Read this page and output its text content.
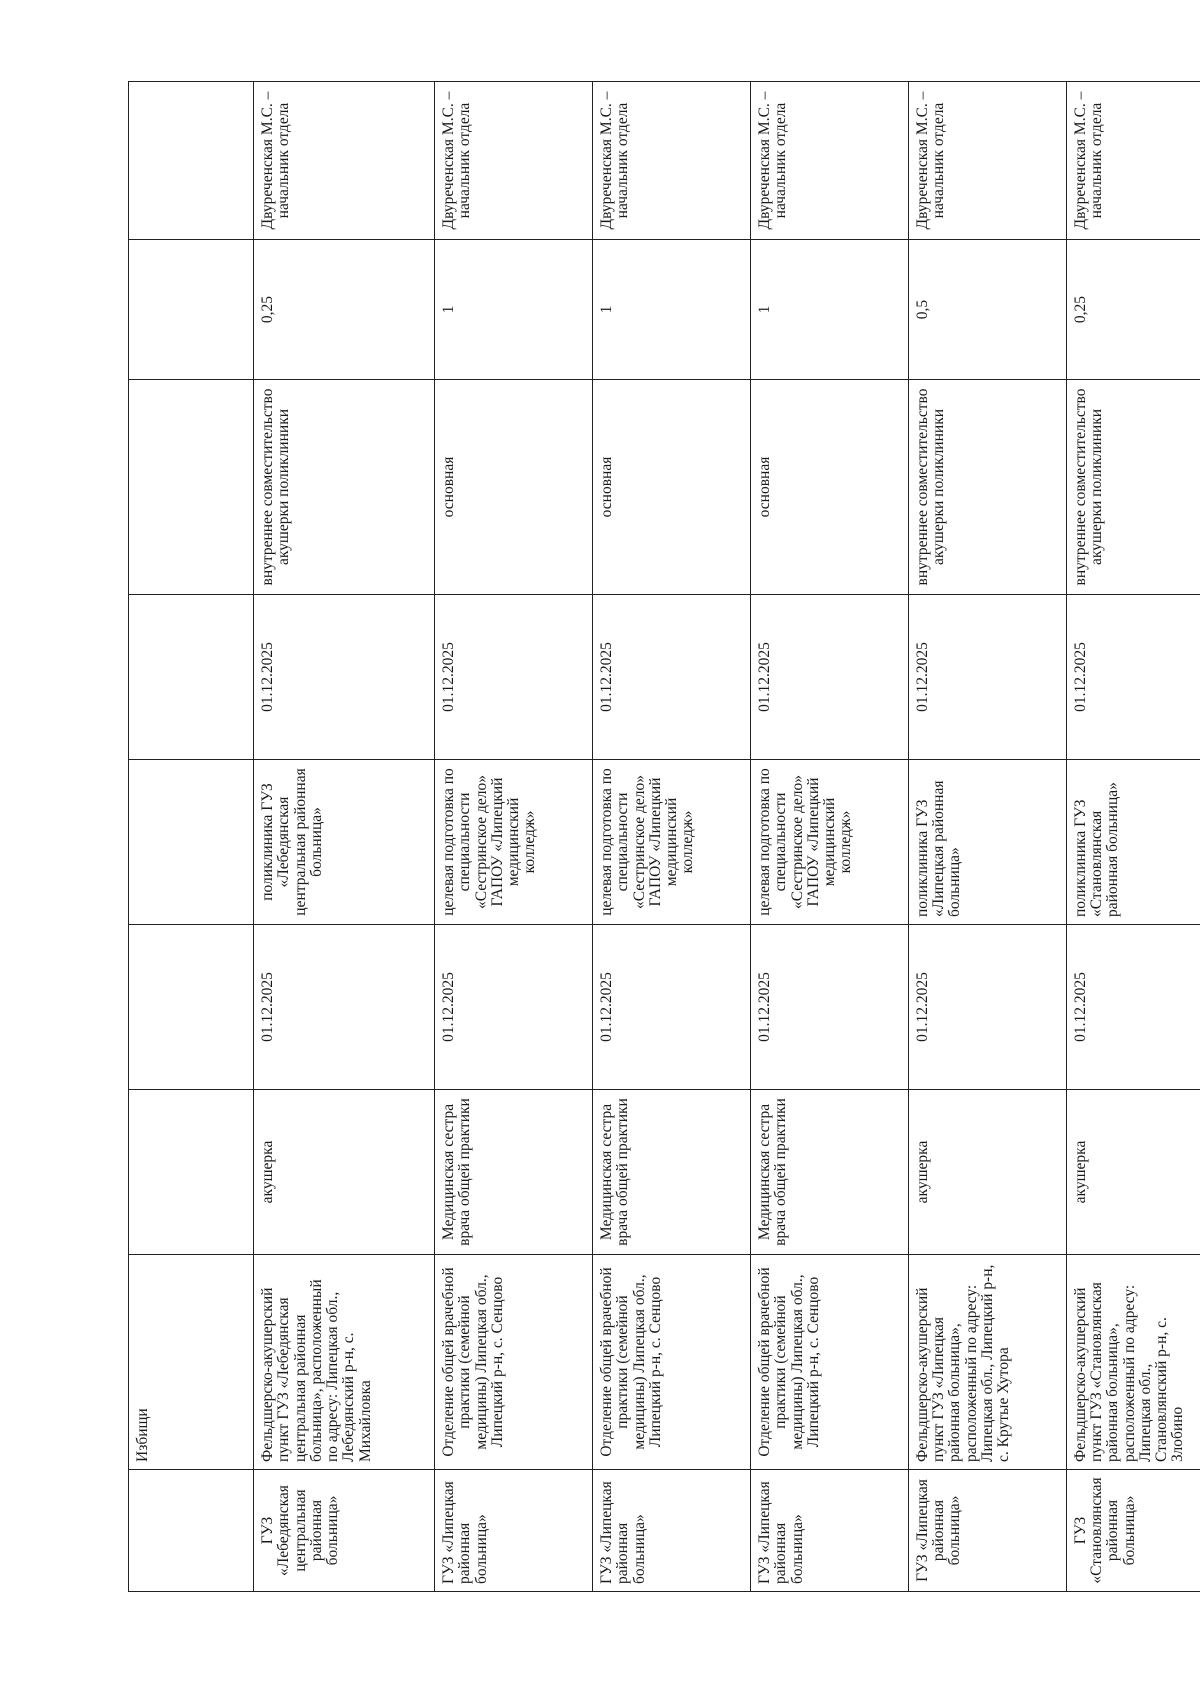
	Избищи							
ГУЗ «Лебедянская центральная районная больница»	Фельдшерско-акушерский пункт ГУЗ «Лебедянская центральная районная больница», расположенный по адресу: Липецкая обл., Лебедянский р-н, с. Михайловка	акушерка	01.12.2025	поликлиника ГУЗ «Лебедянская центральная районная больница»	01.12.2025	внутреннее совместительство акушерки поликлиники	0,25	Двуреченская М.С. – начальник отдела
ГУЗ «Липецкая районная больница»	Отделение общей врачебной практики (семейной медицины) Липецкая обл., Липецкий р-н, с. Сенцово	Медицинская сестра врача общей практики	01.12.2025	целевая подготовка по специальности «Сестринское дело» ГАПОУ «Липецкий медицинский колледж»	01.12.2025	основная	1	Двуреченская М.С. – начальник отдела
ГУЗ «Липецкая районная больница»	Отделение общей врачебной практики (семейной медицины) Липецкая обл., Липецкий р-н, с. Сенцово	Медицинская сестра врача общей практики	01.12.2025	целевая подготовка по специальности «Сестринское дело» ГАПОУ «Липецкий медицинский колледж»	01.12.2025	основная	1	Двуреченская М.С. – начальник отдела
ГУЗ «Липецкая районная больница»	Отделение общей врачебной практики (семейной медицины) Липецкая обл., Липецкий р-н, с. Сенцово	Медицинская сестра врача общей практики	01.12.2025	целевая подготовка по специальности «Сестринское дело» ГАПОУ «Липецкий медицинский колледж»	01.12.2025	основная	1	Двуреченская М.С. – начальник отдела
ГУЗ «Липецкая районная больница»	Фельдшерско-акушерский пункт ГУЗ «Липецкая районная больница», расположенный по адресу: Липецкая обл., Липецкий р-н, с. Крутые Хутора	акушерка	01.12.2025	поликлиника ГУЗ «Липецкая районная больница»	01.12.2025	внутреннее совместительство акушерки поликлиники	0,5	Двуреченская М.С. – начальник отдела
ГУЗ «Становлянская районная больница»	Фельдшерско-акушерский пункт ГУЗ «Становлянская районная больница», расположенный по адресу: Липецкая обл., Становлянский р-н, с. Злобино	акушерка	01.12.2025	поликлиника ГУЗ «Становлянская районная больница»	01.12.2025	внутреннее совместительство акушерки поликлиники	0,25	Двуреченская М.С. – начальник отдела
